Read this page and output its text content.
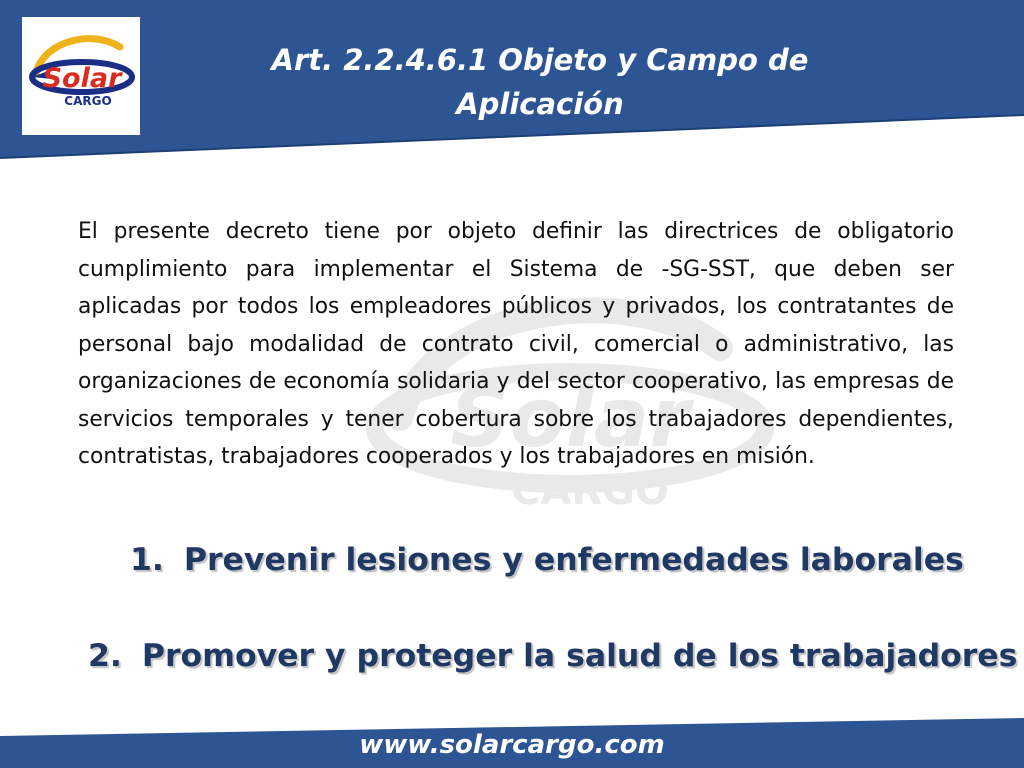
Solar
CARGO
Art. 2.2.4.6.1 Objeto y Campo de
Aplicación
Solar
CARGO

El presente decreto tiene por objeto definir las directrices de obligatorio cumplimiento para implementar el Sistema de -SG-SST, que deben ser aplicadas por todos los empleadores públicos y privados, los contratantes de personal bajo modalidad de contrato civil, comercial o administrativo, las organizaciones de economía solidaria y del sector cooperativo, las empresas de servicios temporales y tener cobertura sobre los trabajadores dependientes, contratistas, trabajadores cooperados y los trabajadores en misión.

1. Prevenir lesiones y enfermedades laborales
2. Promover y proteger la salud de los trabajadores
www.solarcargo.com
